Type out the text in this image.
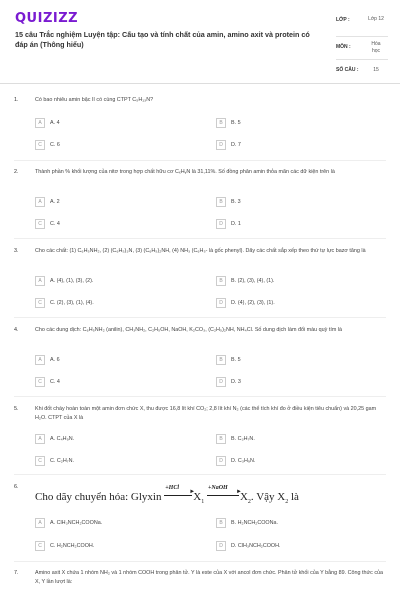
QUIZIZZ
15 câu Trắc nghiệm Luyện tập: Cấu tạo và tính chất của amin, amino axit và protein có đáp án (Thông hiểu)
LỚP :	Lớp 12
MÔN :	Hóa học
SỐ CÂU :	15
1.	Có bao nhiêu amin bậc II có cùng CTPT C₅H₁₃N?
A	A. 4	B	B. 5
C	C. 6	D	D. 7
2.	Thành phần % khối lượng của nitơ trong hợp chất hữu cơ CₓHᵧN là 31,11%. Số đồng phân amin thỏa mãn các dữ kiện trên là
A	A. 2	B	B. 3
C	C. 4	D	D. 1
3.	Cho các chất: (1) C₆H₅NH₂, (2) (C₆H₅)₃N, (3) (C₆H₅)₂NH, (4) NH₃ (C₆H₅- là gốc phenyl). Dãy các chất sắp xếp theo thứ tự lực bazơ tăng là
A	A. (4), (1), (3), (2).	B	B. (2), (3), (4), (1).
C	C. (2), (3), (1), (4).	D	D. (4), (2), (3), (1).
4.	Cho các dung dịch: C₆H₅NH₂ (anilin), CH₃NH₂, C₂H₅OH, NaOH, K₂CO₃, (C₂H₅)₂NH, NH₄Cl. Số dung dịch làm đổi màu quỳ tím là
A	A. 6	B	B. 5
C	C. 4	D	D. 3
5.	Khi đốt cháy hoàn toàn một amin đơn chức X, thu được 16,8 lít khí CO₂; 2,8 lít khí N₂ (các thể tích khí đo ở điều kiện tiêu chuẩn) và 20,25 gam H₂O. CTPT của X là
A	A. C₄H₉N.	B	B. C₃H₇N.
C	C. C₂H₇N.	D	D. C₃H₉N.
6.
Cho dãy chuyển hóa: Glyxin
+HCl
►
$X_1$
+NaOH
►
$X_2$. Vậy $X_2$ là
A	A. ClH₃NCH₂COONa.	B	B. H₂NCH₂COONa.
C	C. H₂NCH₂COOH.	D	D. ClH₃NCH₂COOH.
7.	Amino axit X chứa 1 nhóm NH₂ và 1 nhóm COOH trong phân tử. Y là este của X với ancol đơn chức. Phân tử khối của Y bằng 89. Công thức của X, Y lần lượt là:
